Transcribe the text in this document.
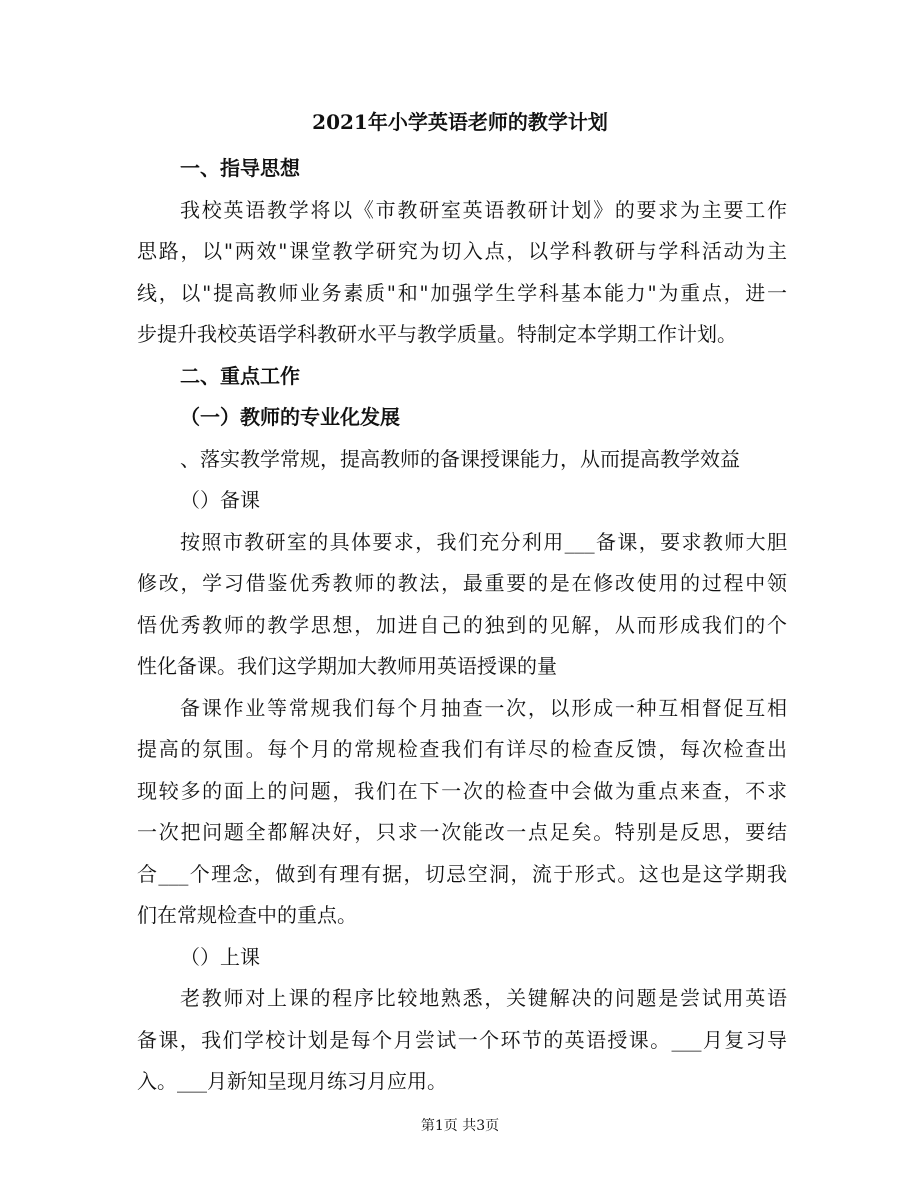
2021年小学英语老师的教学计划
一、指导思想
我校英语教学将以《市教研室英语教研计划》的要求为主要工作
思路，以"两效"课堂教学研究为切入点，以学科教研与学科活动为主
线，以"提高教师业务素质"和"加强学生学科基本能力"为重点，进一
步提升我校英语学科教研水平与教学质量。特制定本学期工作计划。
二、重点工作
（一）教师的专业化发展
、落实教学常规，提高教师的备课授课能力，从而提高教学效益
（）备课
按照市教研室的具体要求，我们充分利用___备课，要求教师大胆
修改，学习借鉴优秀教师的教法，最重要的是在修改使用的过程中领
悟优秀教师的教学思想，加进自己的独到的见解，从而形成我们的个
性化备课。我们这学期加大教师用英语授课的量
备课作业等常规我们每个月抽查一次，以形成一种互相督促互相
提高的氛围。每个月的常规检查我们有详尽的检查反馈，每次检查出
现较多的面上的问题，我们在下一次的检查中会做为重点来查，不求
一次把问题全都解决好，只求一次能改一点足矣。特别是反思，要结
合___个理念，做到有理有据，切忌空洞，流于形式。这也是这学期我
们在常规检查中的重点。
（）上课
老教师对上课的程序比较地熟悉，关键解决的问题是尝试用英语
备课，我们学校计划是每个月尝试一个环节的英语授课。___月复习导
入。___月新知呈现月练习月应用。
第1页 共3页
